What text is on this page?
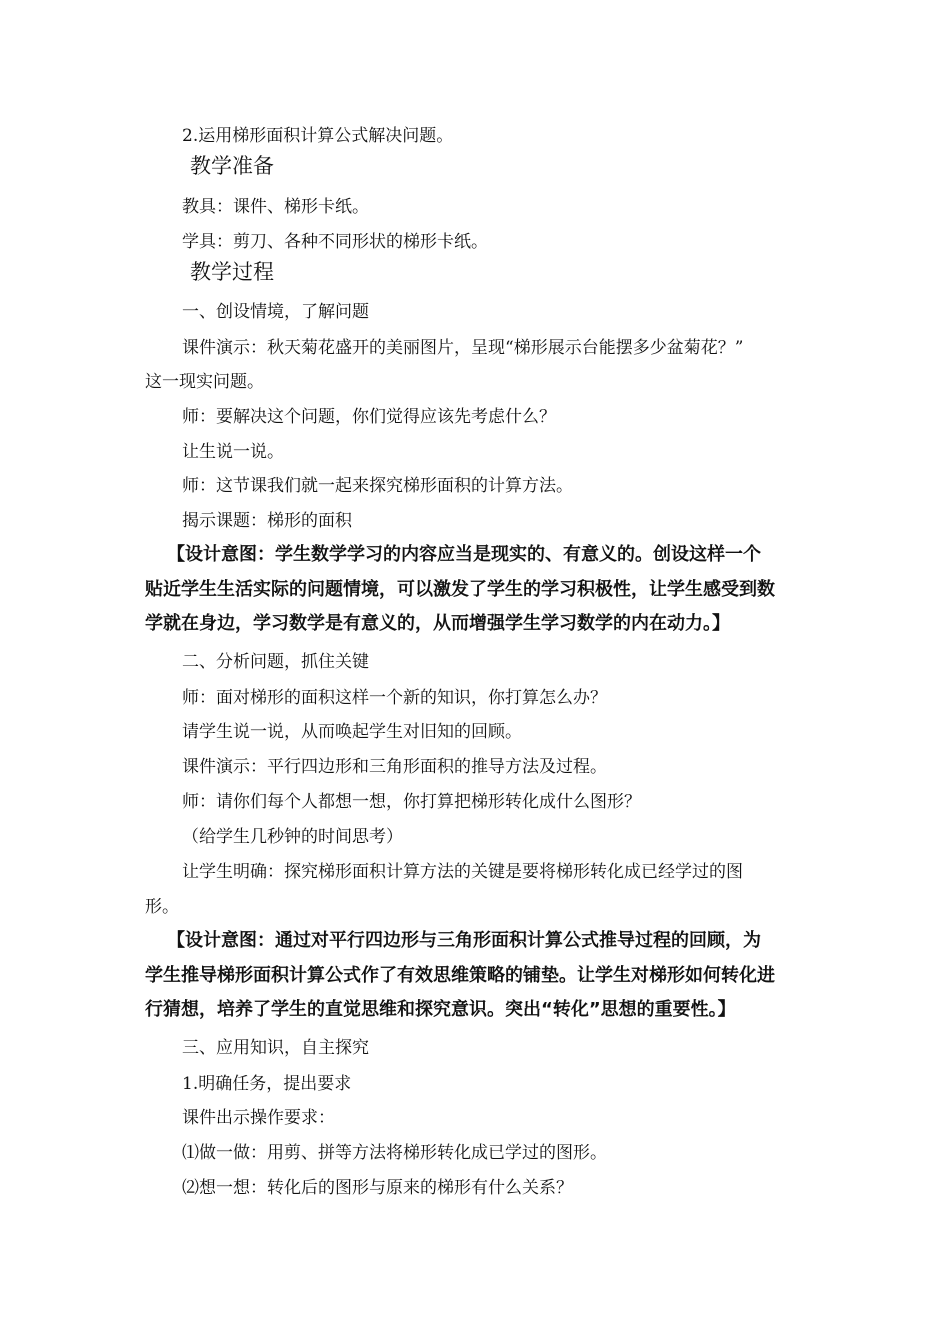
2.运用梯形面积计算公式解决问题。
教学准备
教具：课件、梯形卡纸。
学具：剪刀、各种不同形状的梯形卡纸。
教学过程
一、创设情境，了解问题
课件演示：秋天菊花盛开的美丽图片，呈现“梯形展示台能摆多少盆菊花？”
这一现实问题。
师：要解决这个问题，你们觉得应该先考虑什么？
让生说一说。
师：这节课我们就一起来探究梯形面积的计算方法。
揭示课题：梯形的面积
【设计意图：学生数学学习的内容应当是现实的、有意义的。创设这样一个
贴近学生生活实际的问题情境，可以激发了学生的学习积极性，让学生感受到数
学就在身边，学习数学是有意义的，从而增强学生学习数学的内在动力。】
二、分析问题，抓住关键
师：面对梯形的面积这样一个新的知识，你打算怎么办？
请学生说一说，从而唤起学生对旧知的回顾。
课件演示：平行四边形和三角形面积的推导方法及过程。
师：请你们每个人都想一想，你打算把梯形转化成什么图形？
（给学生几秒钟的时间思考）
让学生明确：探究梯形面积计算方法的关键是要将梯形转化成已经学过的图
形。
【设计意图：通过对平行四边形与三角形面积计算公式推导过程的回顾，为
学生推导梯形面积计算公式作了有效思维策略的铺垫。让学生对梯形如何转化进
行猜想，培养了学生的直觉思维和探究意识。突出“转化”思想的重要性。】
三、应用知识，自主探究
1.明确任务，提出要求
课件出示操作要求：
⑴做一做：用剪、拼等方法将梯形转化成已学过的图形。
⑵想一想：转化后的图形与原来的梯形有什么关系？
